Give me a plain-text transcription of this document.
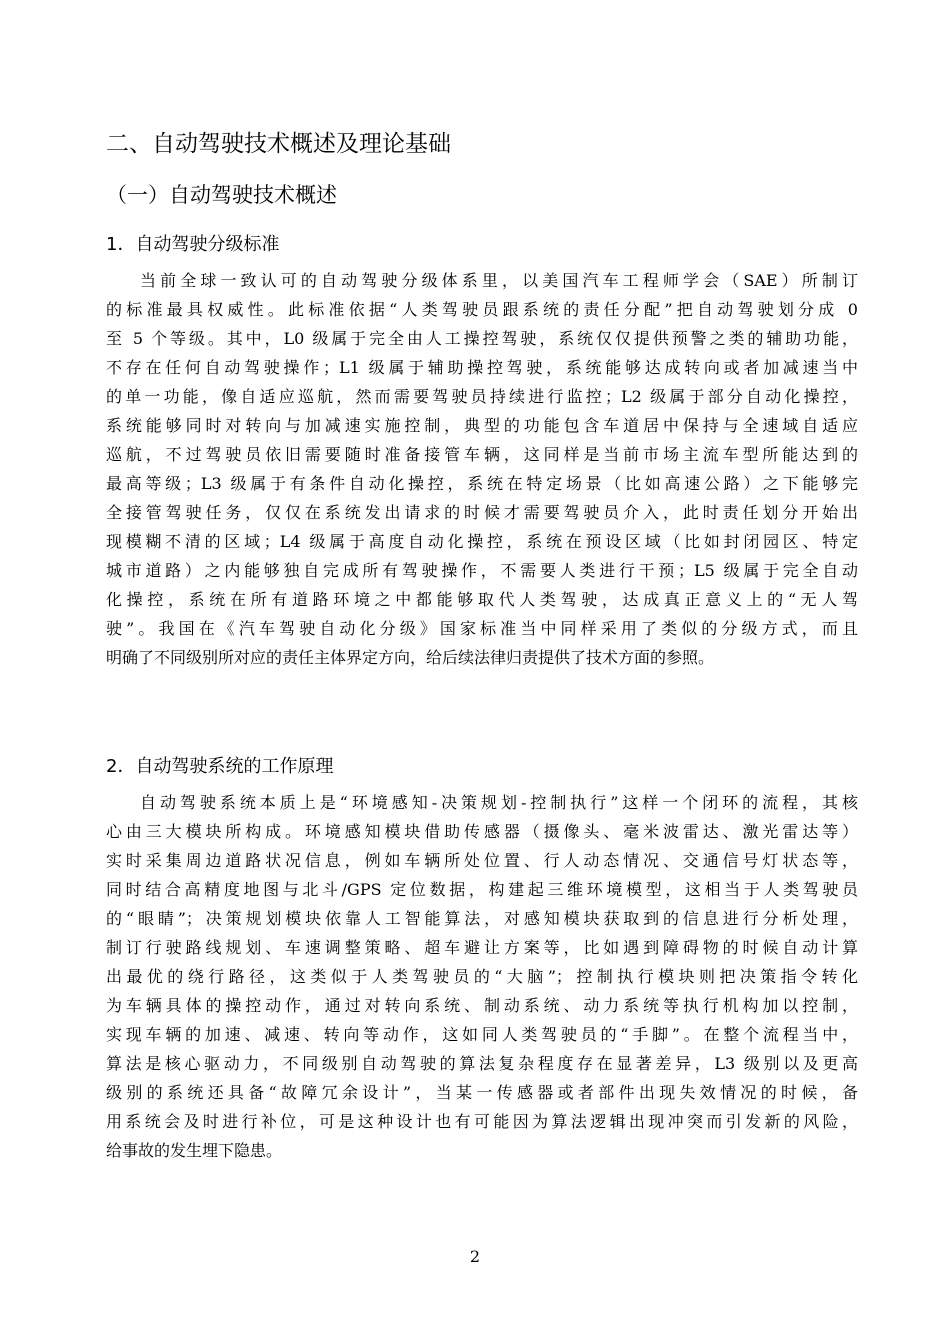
二、自动驾驶技术概述及理论基础
（一）自动驾驶技术概述
1．自动驾驶分级标准
当前全球一致认可的自动驾驶分级体系里，以美国汽车工程师学会（SAE）所制订
的标准最具权威性。此标准依据“人类驾驶员跟系统的责任分配”把自动驾驶划分成 0
至 5 个等级。其中，L0 级属于完全由人工操控驾驶，系统仅仅提供预警之类的辅助功能，
不存在任何自动驾驶操作；L1 级属于辅助操控驾驶，系统能够达成转向或者加减速当中
的单一功能，像自适应巡航，然而需要驾驶员持续进行监控；L2 级属于部分自动化操控，
系统能够同时对转向与加减速实施控制，典型的功能包含车道居中保持与全速域自适应
巡航，不过驾驶员依旧需要随时准备接管车辆，这同样是当前市场主流车型所能达到的
最高等级；L3 级属于有条件自动化操控，系统在特定场景（比如高速公路）之下能够完
全接管驾驶任务，仅仅在系统发出请求的时候才需要驾驶员介入，此时责任划分开始出
现模糊不清的区域；L4 级属于高度自动化操控，系统在预设区域（比如封闭园区、特定
城市道路）之内能够独自完成所有驾驶操作，不需要人类进行干预；L5 级属于完全自动
化操控，系统在所有道路环境之中都能够取代人类驾驶，达成真正意义上的“无人驾
驶”。我国在《汽车驾驶自动化分级》国家标准当中同样采用了类似的分级方式，而且
明确了不同级别所对应的责任主体界定方向，给后续法律归责提供了技术方面的参照。
2．自动驾驶系统的工作原理
自动驾驶系统本质上是“环境感知-决策规划-控制执行”这样一个闭环的流程，其核
心由三大模块所构成。环境感知模块借助传感器（摄像头、毫米波雷达、激光雷达等）
实时采集周边道路状况信息，例如车辆所处位置、行人动态情况、交通信号灯状态等，
同时结合高精度地图与北斗/GPS 定位数据，构建起三维环境模型，这相当于人类驾驶员
的“眼睛”；决策规划模块依靠人工智能算法，对感知模块获取到的信息进行分析处理，
制订行驶路线规划、车速调整策略、超车避让方案等，比如遇到障碍物的时候自动计算
出最优的绕行路径，这类似于人类驾驶员的“大脑”；控制执行模块则把决策指令转化
为车辆具体的操控动作，通过对转向系统、制动系统、动力系统等执行机构加以控制，
实现车辆的加速、减速、转向等动作，这如同人类驾驶员的“手脚”。在整个流程当中，
算法是核心驱动力，不同级别自动驾驶的算法复杂程度存在显著差异，L3 级别以及更高
级别的系统还具备“故障冗余设计”，当某一传感器或者部件出现失效情况的时候，备
用系统会及时进行补位，可是这种设计也有可能因为算法逻辑出现冲突而引发新的风险，
给事故的发生埋下隐患。
2
